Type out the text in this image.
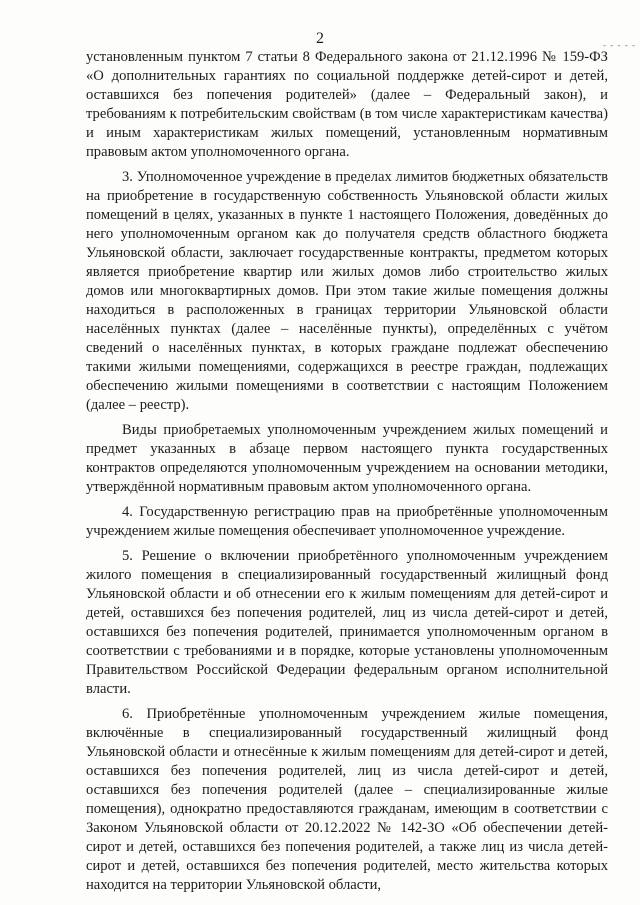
2	- - - - -

установленным пунктом 7 статьи 8 Федерального закона от 21.12.1996 № 159-ФЗ «О дополнительных гарантиях по социальной поддержке детей-сирот и детей, оставшихся без попечения родителей» (далее – Федеральный закон), и требованиям к потребительским свойствам (в том числе характеристикам качества) и иным характеристикам жилых помещений, установленным нормативным правовым актом уполномоченного органа.

3. Уполномоченное учреждение в пределах лимитов бюджетных обязательств на приобретение в государственную собственность Ульяновской области жилых помещений в целях, указанных в пункте 1 настоящего Положения, доведённых до него уполномоченным органом как до получателя средств областного бюджета Ульяновской области, заключает государственные контракты, предметом которых является приобретение квартир или жилых домов либо строительство жилых домов или многоквартирных домов. При этом такие жилые помещения должны находиться в расположенных в границах территории Ульяновской области населённых пунктах (далее – населённые пункты), определённых с учётом сведений о населённых пунктах, в которых граждане подлежат обеспечению такими жилыми помещениями, содержащихся в реестре граждан, подлежащих обеспечению жилыми помещениями в соответствии с настоящим Положением (далее – реестр).

Виды приобретаемых уполномоченным учреждением жилых помещений и предмет указанных в абзаце первом настоящего пункта государственных контрактов определяются уполномоченным учреждением на основании методики, утверждённой нормативным правовым актом уполномоченного органа.

4. Государственную регистрацию прав на приобретённые уполномоченным учреждением жилые помещения обеспечивает уполномоченное учреждение.

5. Решение о включении приобретённого уполномоченным учреждением жилого помещения в специализированный государственный жилищный фонд Ульяновской области и об отнесении его к жилым помещениям для детей-сирот и детей, оставшихся без попечения родителей, лиц из числа детей-сирот и детей, оставшихся без попечения родителей, принимается уполномоченным органом в соответствии с требованиями и в порядке, которые установлены уполномоченным Правительством Российской Федерации федеральным органом исполнительной власти.

6. Приобретённые уполномоченным учреждением жилые помещения, включённые в специализированный государственный жилищный фонд Ульяновской области и отнесённые к жилым помещениям для детей-сирот и детей, оставшихся без попечения родителей, лиц из числа детей-сирот и детей, оставшихся без попечения родителей (далее – специализированные жилые помещения), однократно предоставляются гражданам, имеющим в соответствии с Законом Ульяновской области от 20.12.2022 № 142-ЗО «Об обеспечении детей-сирот и детей, оставшихся без попечения родителей, а также лиц из числа детей-сирот и детей, оставшихся без попечения родителей, место жительства которых находится на территории Ульяновской области,
